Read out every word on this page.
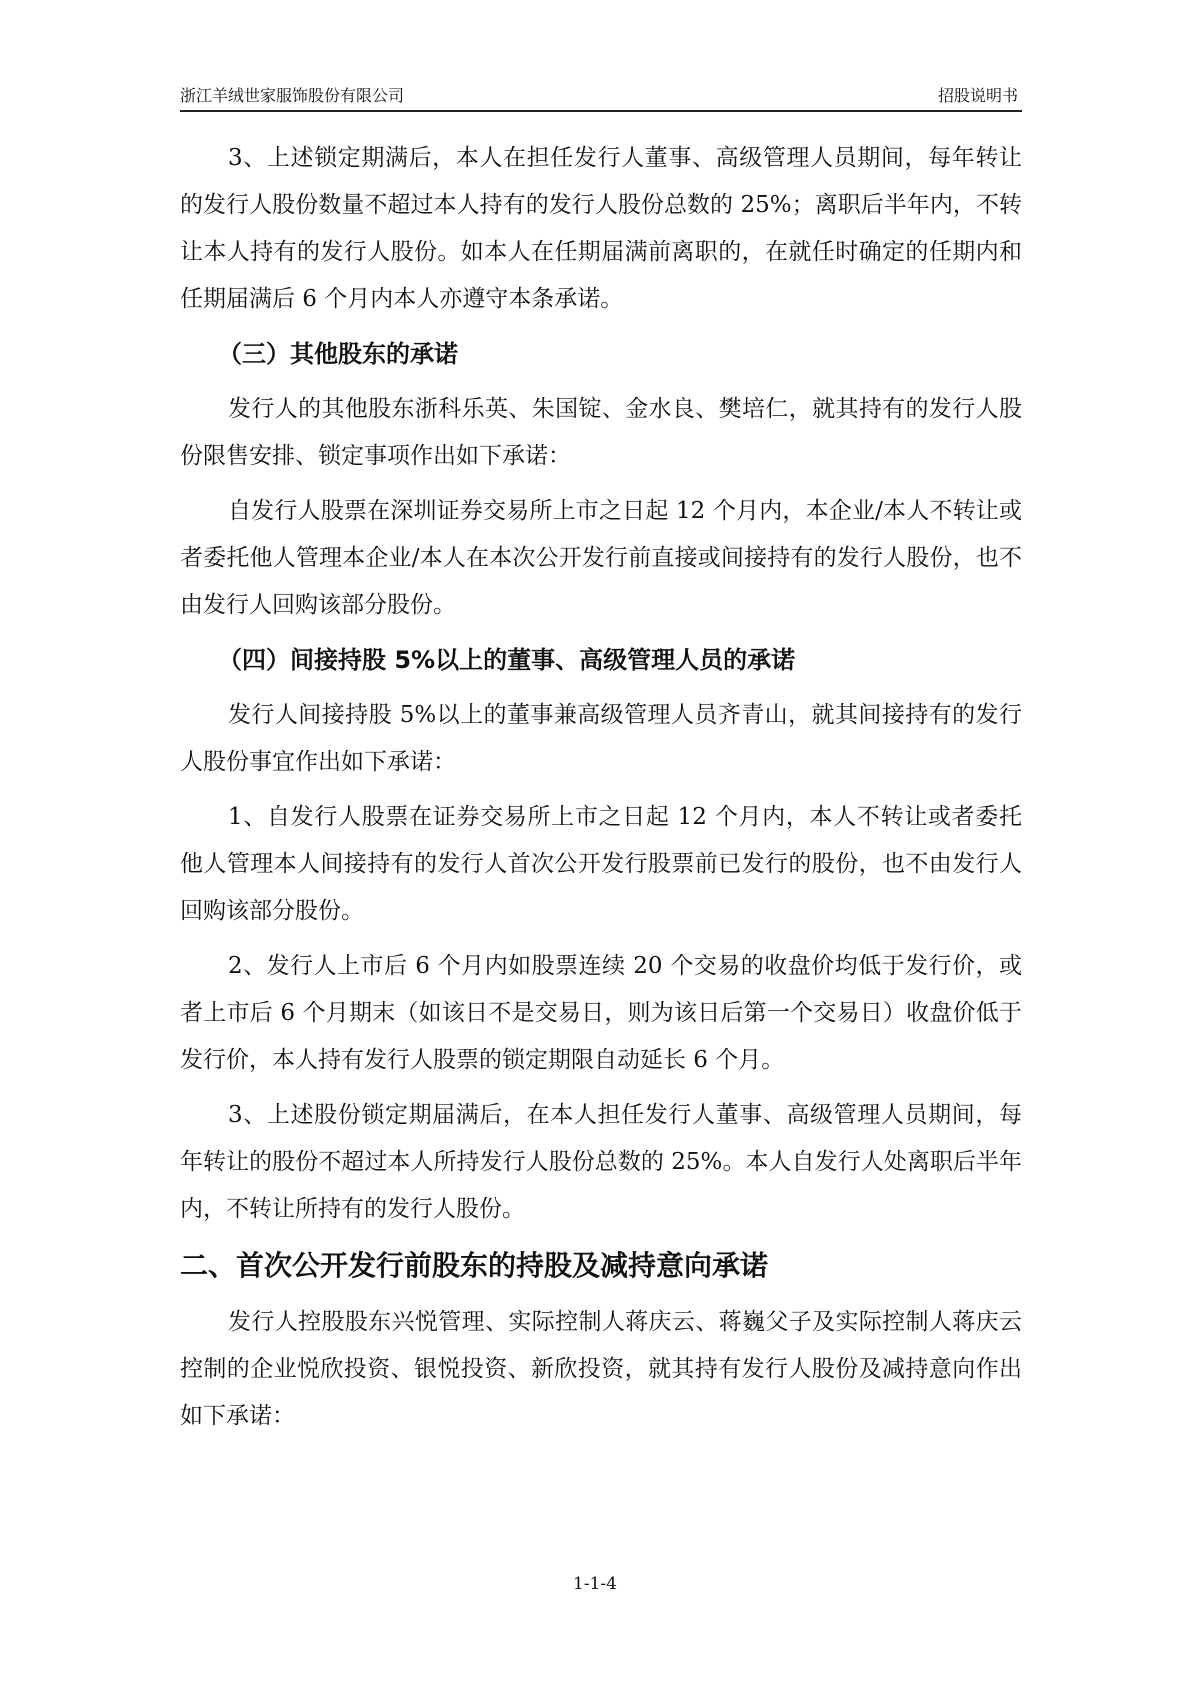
浙江羊绒世家服饰股份有限公司	招股说明书

3、上述锁定期满后，本人在担任发行人董事、高级管理人员期间，每年转让的发行人股份数量不超过本人持有的发行人股份总数的 25%；离职后半年内，不转让本人持有的发行人股份。如本人在任期届满前离职的，在就任时确定的任期内和任期届满后 6 个月内本人亦遵守本条承诺。

（三）其他股东的承诺

发行人的其他股东浙科乐英、朱国锭、金水良、樊培仁，就其持有的发行人股份限售安排、锁定事项作出如下承诺：

自发行人股票在深圳证券交易所上市之日起 12 个月内，本企业/本人不转让或者委托他人管理本企业/本人在本次公开发行前直接或间接持有的发行人股份，也不由发行人回购该部分股份。

（四）间接持股 5%以上的董事、高级管理人员的承诺

发行人间接持股 5%以上的董事兼高级管理人员齐青山，就其间接持有的发行人股份事宜作出如下承诺：

1、自发行人股票在证券交易所上市之日起 12 个月内，本人不转让或者委托他人管理本人间接持有的发行人首次公开发行股票前已发行的股份，也不由发行人回购该部分股份。

2、发行人上市后 6 个月内如股票连续 20 个交易的收盘价均低于发行价，或者上市后 6 个月期末（如该日不是交易日，则为该日后第一个交易日）收盘价低于发行价，本人持有发行人股票的锁定期限自动延长 6 个月。

3、上述股份锁定期届满后，在本人担任发行人董事、高级管理人员期间，每年转让的股份不超过本人所持发行人股份总数的 25%。本人自发行人处离职后半年内，不转让所持有的发行人股份。

二、首次公开发行前股东的持股及减持意向承诺

发行人控股股东兴悦管理、实际控制人蒋庆云、蒋巍父子及实际控制人蒋庆云控制的企业悦欣投资、银悦投资、新欣投资，就其持有发行人股份及减持意向作出如下承诺：

1-1-4
